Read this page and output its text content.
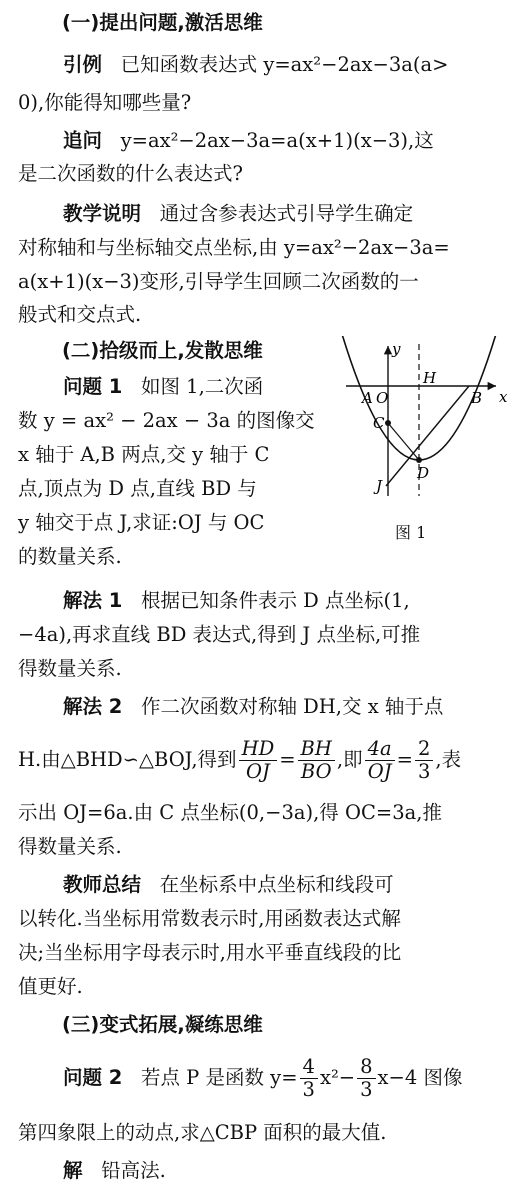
(一)提出问题,激活思维
引例 已知函数表达式 y=ax²−2ax−3a(a>
0),你能得知哪些量?
追问 y=ax²−2ax−3a=a(x+1)(x−3),这
是二次函数的什么表达式?
教学说明 通过含参表达式引导学生确定
对称轴和与坐标轴交点坐标,由 y=ax²−2ax−3a=
a(x+1)(x−3)变形,引导学生回顾二次函数的一
般式和交点式.
(二)拾级而上,发散思维
问题 1 如图 1,二次函
数 y = ax² − 2ax − 3a 的图像交
x 轴于 A,B 两点,交 y 轴于 C
点,顶点为 D 点,直线 BD 与
y 轴交于点 J,求证:OJ 与 OC
的数量关系.
y
x
A O
H
B
C
D
J
图 1
解法 1 根据已知条件表示 D 点坐标(1,
−4a),再求直线 BD 表达式,得到 J 点坐标,可推
得数量关系.
解法 2 作二次函数对称轴 DH,交 x 轴于点
H.由△BHD∽△BOJ,得到 $\frac{HD}{OJ} = \frac{BH}{BO}$ ,即 $\frac{4a}{OJ} = \frac{2}{3}$ ,表
示出 OJ=6a.由 C 点坐标(0,−3a),得 OC=3a,推
得数量关系.
教师总结 在坐标系中点坐标和线段可
以转化.当坐标用常数表示时,用函数表达式解
决;当坐标用字母表示时,用水平垂直线段的比
值更好.
(三)变式拓展,凝练思维
问题 2 若点 P 是函数 $y= \frac{4}{3} x^2- \frac{8}{3} x-4$ 图像
第四象限上的动点,求△CBP 面积的最大值.
解 铅高法.
